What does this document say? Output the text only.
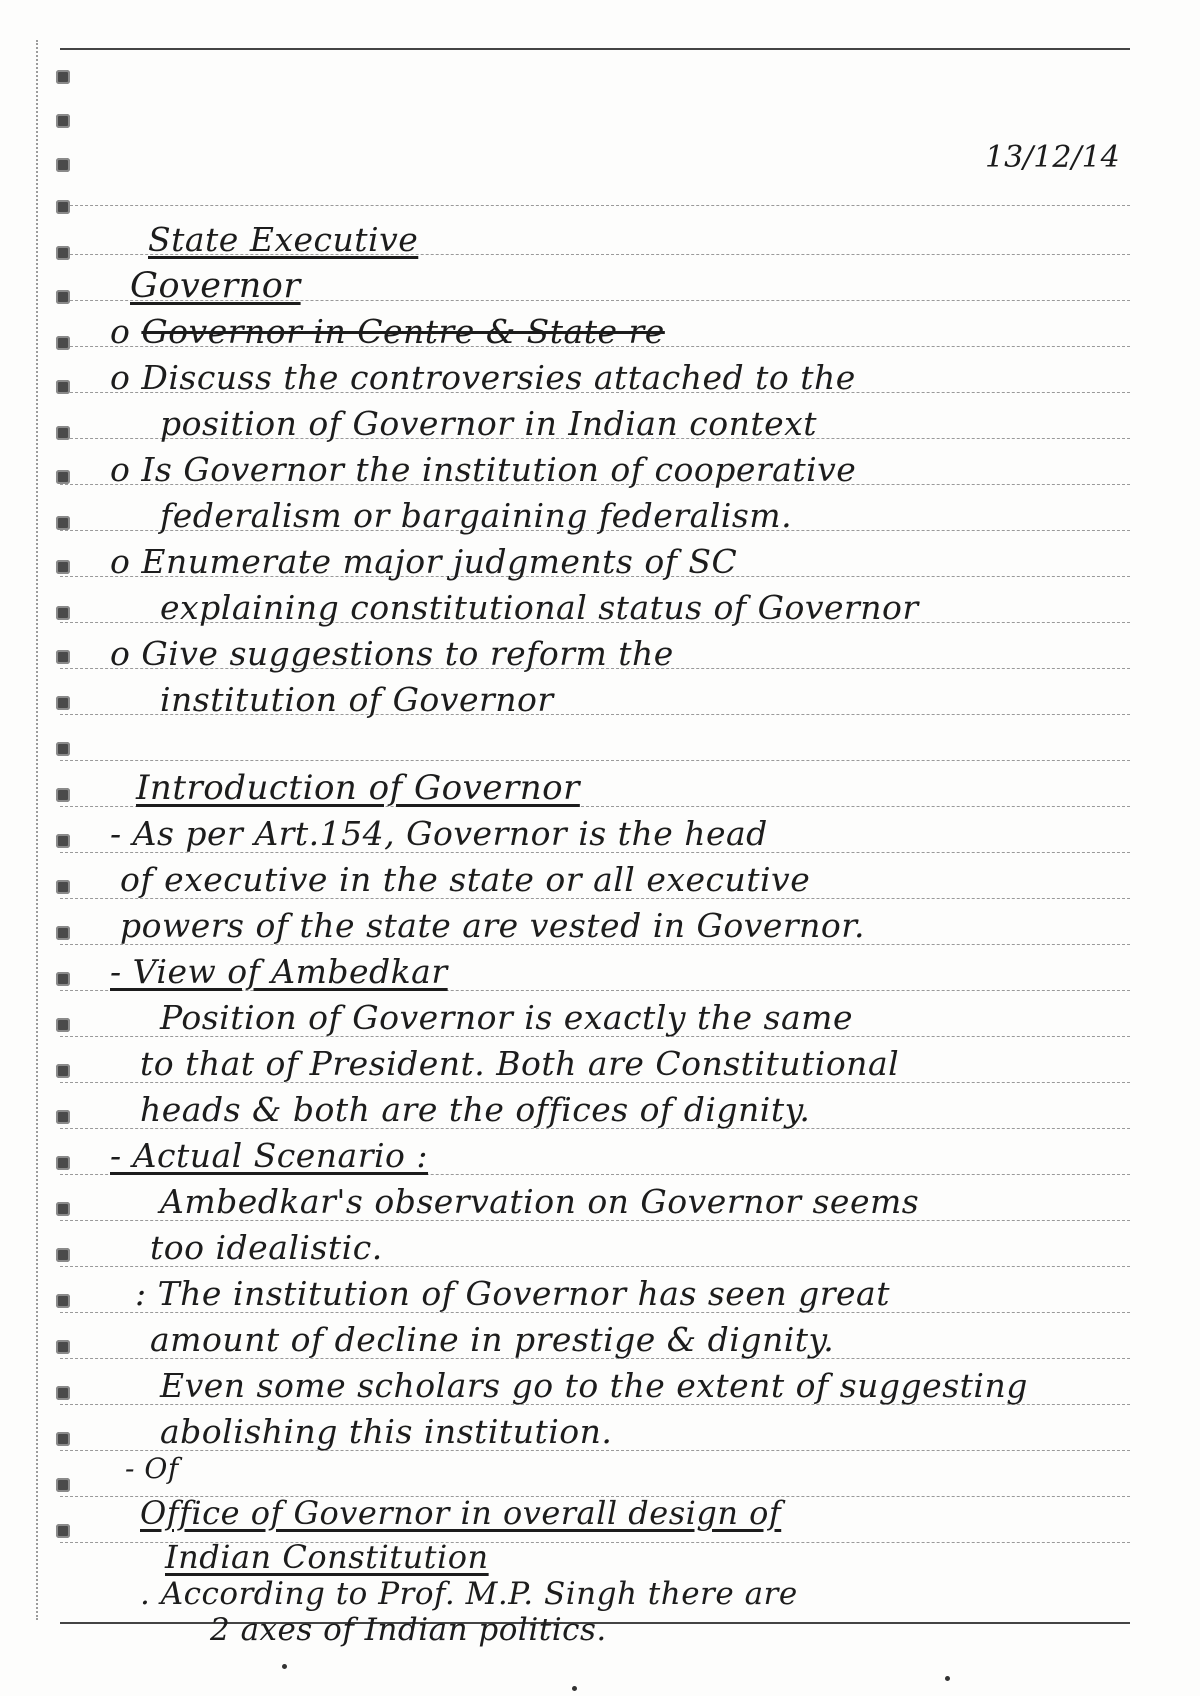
13/12/14
State Executive
Governor
o Governor in Centre & State re
o Discuss the controversies attached to the
position of Governor in Indian context
o Is Governor the institution of cooperative
federalism or bargaining federalism.
o Enumerate major judgments of SC
explaining constitutional status of Governor
o Give suggestions to reform the
institution of Governor
Introduction of Governor
- As per Art.154, Governor is the head
of executive in the state or all executive
powers of the state are vested in Governor.
- View of Ambedkar
Position of Governor is exactly the same
to that of President. Both are Constitutional
heads & both are the offices of dignity.
- Actual Scenario :
Ambedkar's observation on Governor seems
too idealistic.
: The institution of Governor has seen great
amount of decline in prestige & dignity.
Even some scholars go to the extent of suggesting
abolishing this institution.
- Of
Office of Governor in overall design of
Indian Constitution
. According to Prof. M.P. Singh there are
2 axes of Indian politics.
